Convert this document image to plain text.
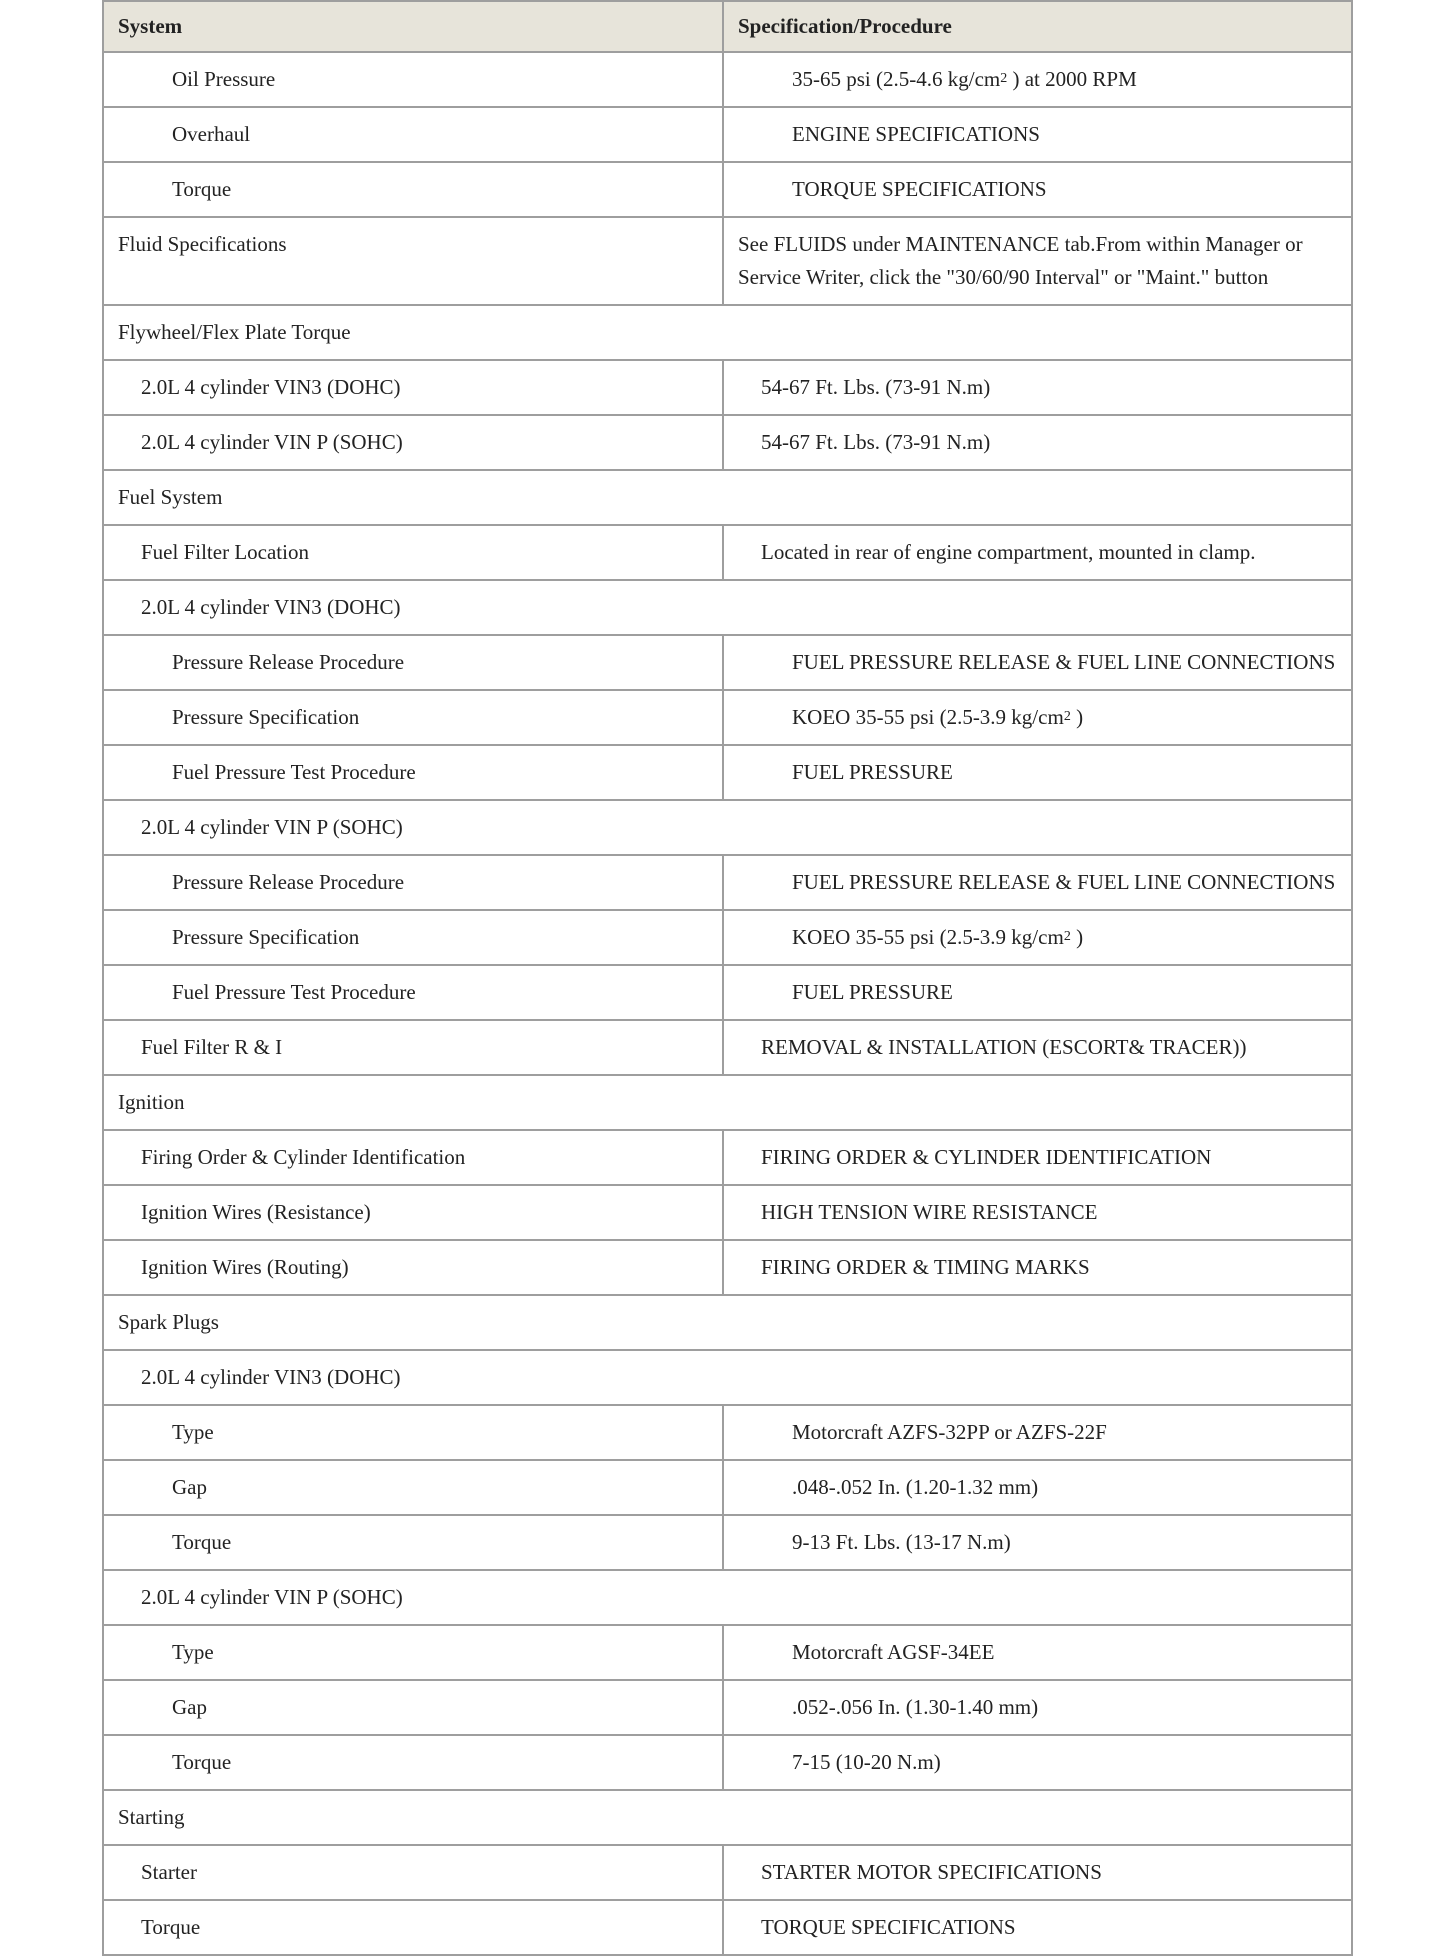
System	Specification/Procedure
Oil Pressure	35-65 psi (2.5-4.6 $kg/cm^2$ ) at 2000 RPM
Overhaul	ENGINE SPECIFICATIONS
Torque	TORQUE SPECIFICATIONS
Fluid Specifications	See FLUIDS under MAINTENANCE tab.From within Manager or Service Writer, click the "30/60/90 Interval" or "Maint." button
Flywheel/Flex Plate Torque	
2.0L 4 cylinder VIN3 (DOHC)	54-67 Ft. Lbs. (73-91 N.m)
2.0L 4 cylinder VIN P (SOHC)	54-67 Ft. Lbs. (73-91 N.m)
Fuel System	
Fuel Filter Location	Located in rear of engine compartment, mounted in clamp.
2.0L 4 cylinder VIN3 (DOHC)	
Pressure Release Procedure	FUEL PRESSURE RELEASE & FUEL LINE CONNECTIONS
Pressure Specification	KOEO 35-55 psi (2.5-3.9 $kg/cm^2$ )
Fuel Pressure Test Procedure	FUEL PRESSURE
2.0L 4 cylinder VIN P (SOHC)	
Pressure Release Procedure	FUEL PRESSURE RELEASE & FUEL LINE CONNECTIONS
Pressure Specification	KOEO 35-55 psi (2.5-3.9 $kg/cm^2$ )
Fuel Pressure Test Procedure	FUEL PRESSURE
Fuel Filter R & I	REMOVAL & INSTALLATION (ESCORT& TRACER))
Ignition	
Firing Order & Cylinder Identification	FIRING ORDER & CYLINDER IDENTIFICATION
Ignition Wires (Resistance)	HIGH TENSION WIRE RESISTANCE
Ignition Wires (Routing)	FIRING ORDER & TIMING MARKS
Spark Plugs	
2.0L 4 cylinder VIN3 (DOHC)	
Type	Motorcraft AZFS-32PP or AZFS-22F
Gap	.048-.052 In. (1.20-1.32 mm)
Torque	9-13 Ft. Lbs. (13-17 N.m)
2.0L 4 cylinder VIN P (SOHC)	
Type	Motorcraft AGSF-34EE
Gap	.052-.056 In. (1.30-1.40 mm)
Torque	7-15 (10-20 N.m)
Starting	
Starter	STARTER MOTOR SPECIFICATIONS
Torque	TORQUE SPECIFICATIONS
